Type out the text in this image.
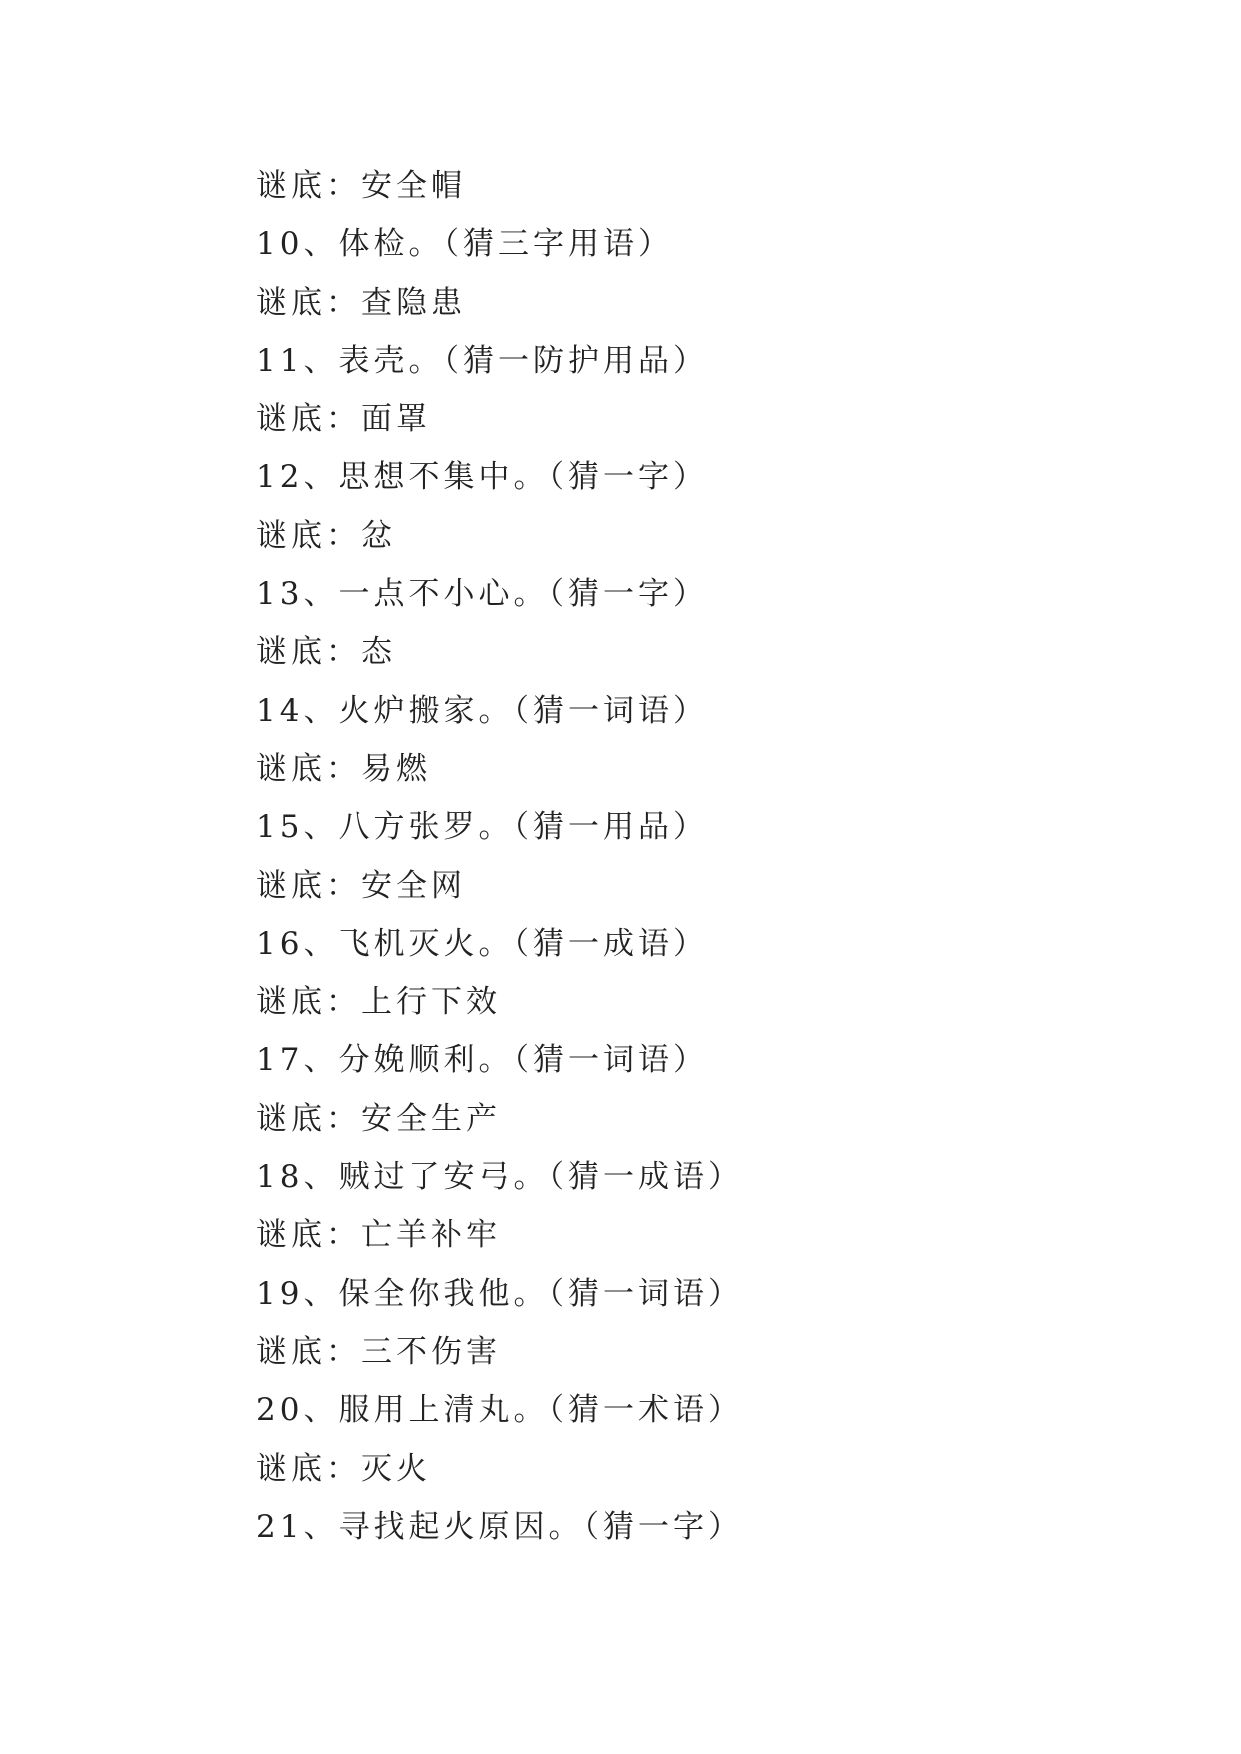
谜底：安全帽
10、体检。（猜三字用语）
谜底：查隐患
11、表壳。（猜一防护用品）
谜底：面罩
12、思想不集中。（猜一字）
谜底：忿
13、一点不小心。（猜一字）
谜底：态
14、火炉搬家。（猜一词语）
谜底：易燃
15、八方张罗。（猜一用品）
谜底：安全网
16、飞机灭火。（猜一成语）
谜底：上行下效
17、分娩顺利。（猜一词语）
谜底：安全生产
18、贼过了安弓。（猜一成语）
谜底：亡羊补牢
19、保全你我他。（猜一词语）
谜底：三不伤害
20、服用上清丸。（猜一术语）
谜底：灭火
21、寻找起火原因。（猜一字）
